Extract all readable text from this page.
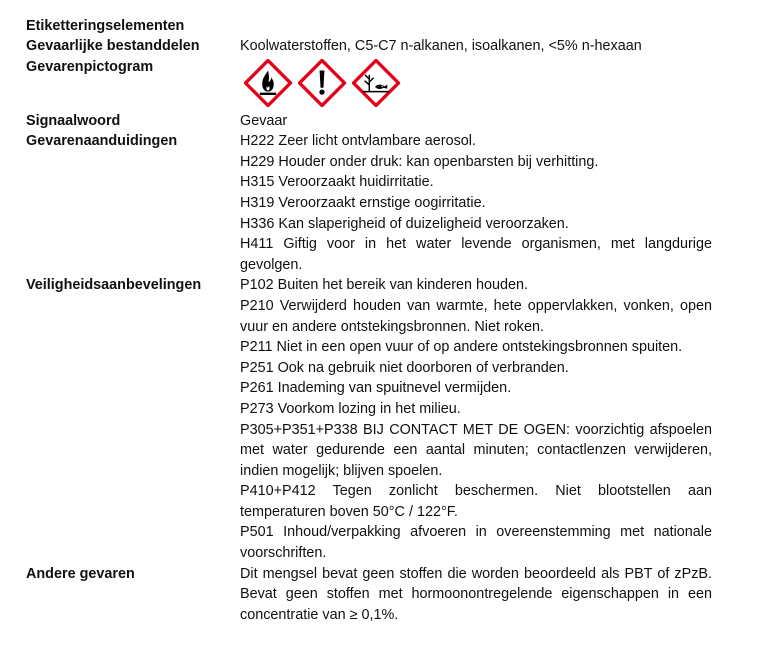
Etiketteringselementen
Gevaarlijke bestanddelen	Koolwaterstoffen, C5-C7 n-alkanen, isoalkanen, <5% n-hexaan
Gevarenpictogram
Signaalwoord	Gevaar
Gevarenaanduidingen	H222 Zeer licht ontvlambare aerosol.
H229 Houder onder druk: kan openbarsten bij verhitting.
H315 Veroorzaakt huidirritatie.
H319 Veroorzaakt ernstige oogirritatie.
H336 Kan slaperigheid of duizeligheid veroorzaken.
H411 Giftig voor in het water levende organismen, met langdurige gevolgen.
Veiligheidsaanbevelingen	P102 Buiten het bereik van kinderen houden.
P210 Verwijderd houden van warmte, hete oppervlakken, vonken, open vuur en andere ontstekingsbronnen. Niet roken.
P211 Niet in een open vuur of op andere ontstekingsbronnen spuiten.
P251 Ook na gebruik niet doorboren of verbranden.
P261 Inademing van spuitnevel vermijden.
P273 Voorkom lozing in het milieu.
P305+P351+P338 BIJ CONTACT MET DE OGEN: voorzichtig afspoelen met water gedurende een aantal minuten; contactlenzen verwijderen, indien mogelijk; blijven spoelen.
P410+P412 Tegen zonlicht beschermen. Niet blootstellen aan temperaturen boven 50°C / 122°F.
P501 Inhoud/verpakking afvoeren in overeenstemming met nationale voorschriften.
Andere gevaren	Dit mengsel bevat geen stoffen die worden beoordeeld als PBT of zPzB. Bevat geen stoffen met hormoonontregelende eigenschappen in een concentratie van ≥ 0,1%.
